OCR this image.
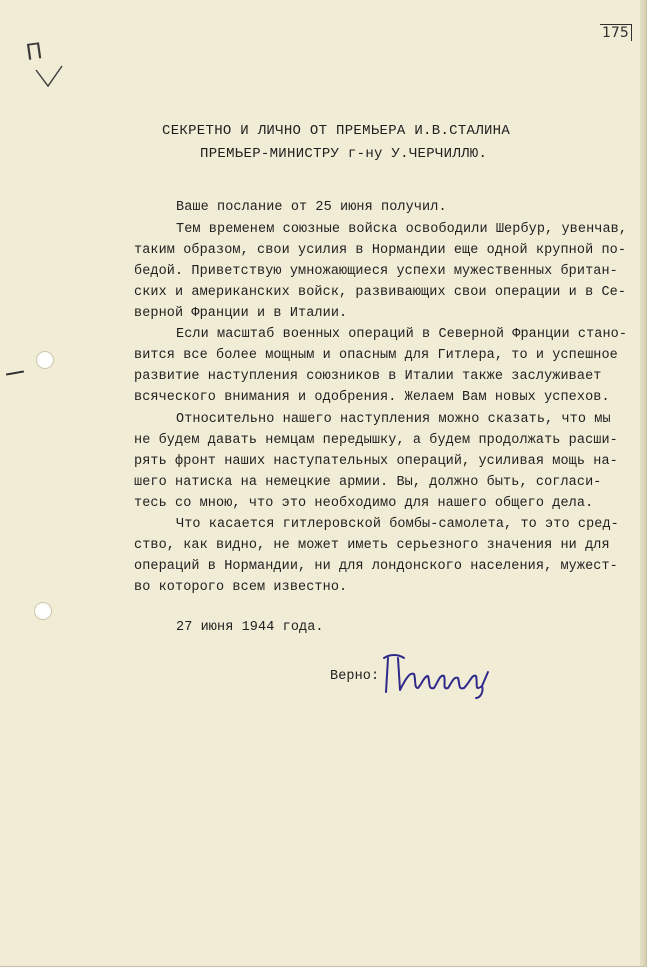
П
175
СЕКРЕТНО И ЛИЧНО ОТ ПРЕМЬЕРА И.В.СТАЛИНА
ПРЕМЬЕР-МИНИСТРУ г-ну У.ЧЕРЧИЛЛЮ.
Ваше послание от 25 июня получил.
Тем временем союзные войска освободили Шербур, увенчав,
таким образом, свои усилия в Нормандии еще одной крупной по-
бедой. Приветствую умножающиеся успехи мужественных британ-
ских и американских войск, развивающих свои операции и в Се-
верной Франции и в Италии.
Если масштаб военных операций в Северной Франции стано-
вится все более мощным и опасным для Гитлера, то и успешное
развитие наступления союзников в Италии также заслуживает
всяческого внимания и одобрения. Желаем Вам новых успехов.
Относительно нашего наступления можно сказать, что мы
не будем давать немцам передышку, а будем продолжать расши-
рять фронт наших наступательных операций, усиливая мощь на-
шего натиска на немецкие армии. Вы, должно быть, согласи-
тесь со мною, что это необходимо для нашего общего дела.
Что касается гитлеровской бомбы-самолета, то это сред-
ство, как видно, не может иметь серьезного значения ни для
операций в Нормандии, ни для лондонского населения, мужест-
во которого всем известно.
27 июня 1944 года.
Верно:
